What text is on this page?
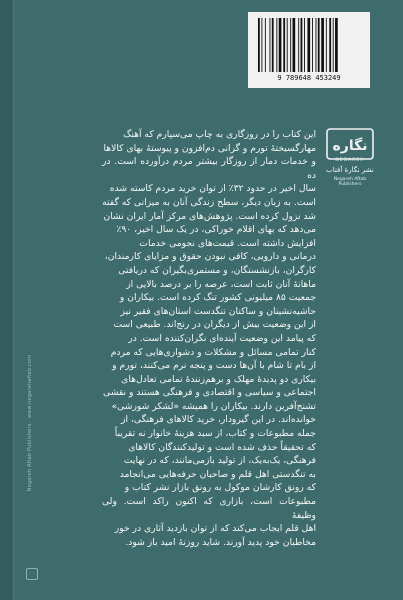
Negareh Aftab Publishers · www.negarehaftab.com
9 789648 453249
نگاره
NEGAREH
نشر نگارهٔ آفتاب
Negareh Aftab Publishers
این کتاب را در روزگاری به چاپ می‌سپارم که آهنگ
مهارگسیختهٔ تورم و گرانی دم‌افزون و پیوستهٔ بهای کالاها
و خدمات دمار از روزگار بیشتر مردم درآورده است. در ده
سال اخیر در حدود ۳۲٪ از توان خرید مردم کاسته شده
است. به زبان دیگر، سطح زندگی آنان به میزانی که گفته
شد نزول کرده است. پژوهش‌های مرکز آمار ایران نشان
می‌دهد که بهای اقلام خوراکی، در یک سال اخیر، ۹۰٪
افزایش داشته است. قیمت‌های نجومی خدمات
درمانی و دارویی، کافی نبودن حقوق و مزایای کارمندان،
کارگران، بازنشستگان، و مستمری‌بگیران که دریافتی
ماهانهٔ آنان ثابت است، عرصه را بر درصد بالایی از
جمعیت ۸۵ میلیونی کشور تنگ کرده است. بیکاران و
حاشیه‌نشینان و ساکنان تنگدست استان‌های فقیر نیز
از این وضعیت بیش از دیگران در رنج‌اند. طبیعی است
که پیامد این وضعیت آینده‌ای نگران‌کننده است. در
کنار تمامی مسائل و مشکلات و دشواری‌هایی که مردم
از بام تا شام با آن‌ها دست و پنجه نرم می‌کنند، تورم و
بیکاری دو پدیدهٔ مهلک و برهم‌زنندهٔ تمامی تعادل‌های
اجتماعی و سیاسی و اقتصادی و فرهنگی هستند و نقشی
تشنج‌آفرین دارند. بیکاران را همیشه «لشکر شورشی»
خوانده‌اند. در این گیرودار، خرید کالاهای فرهنگی، از
جمله مطبوعات و کتاب، از سبد هزینهٔ خانوار نه تقریباً
که تحقیقاً حذف شده است و تولیدکنندگان کالاهای
فرهنگی، یک‌به‌یک، از تولید بازمی‌مانند، که در نهایت
به تنگدستی اهل قلم و صاحبان حرفه‌هایی می‌انجامد
که رونق کارشان موکول به رونق بازار نشر کتاب و
مطبوعات است، بازاری که اکنون راکد است. ولی وظیفهٔ
اهل قلم ایجاب می‌کند که از توان بازدید آثاری در خور
مخاطبان خود پدید آورند. شاید روزنهٔ امید باز شود.
